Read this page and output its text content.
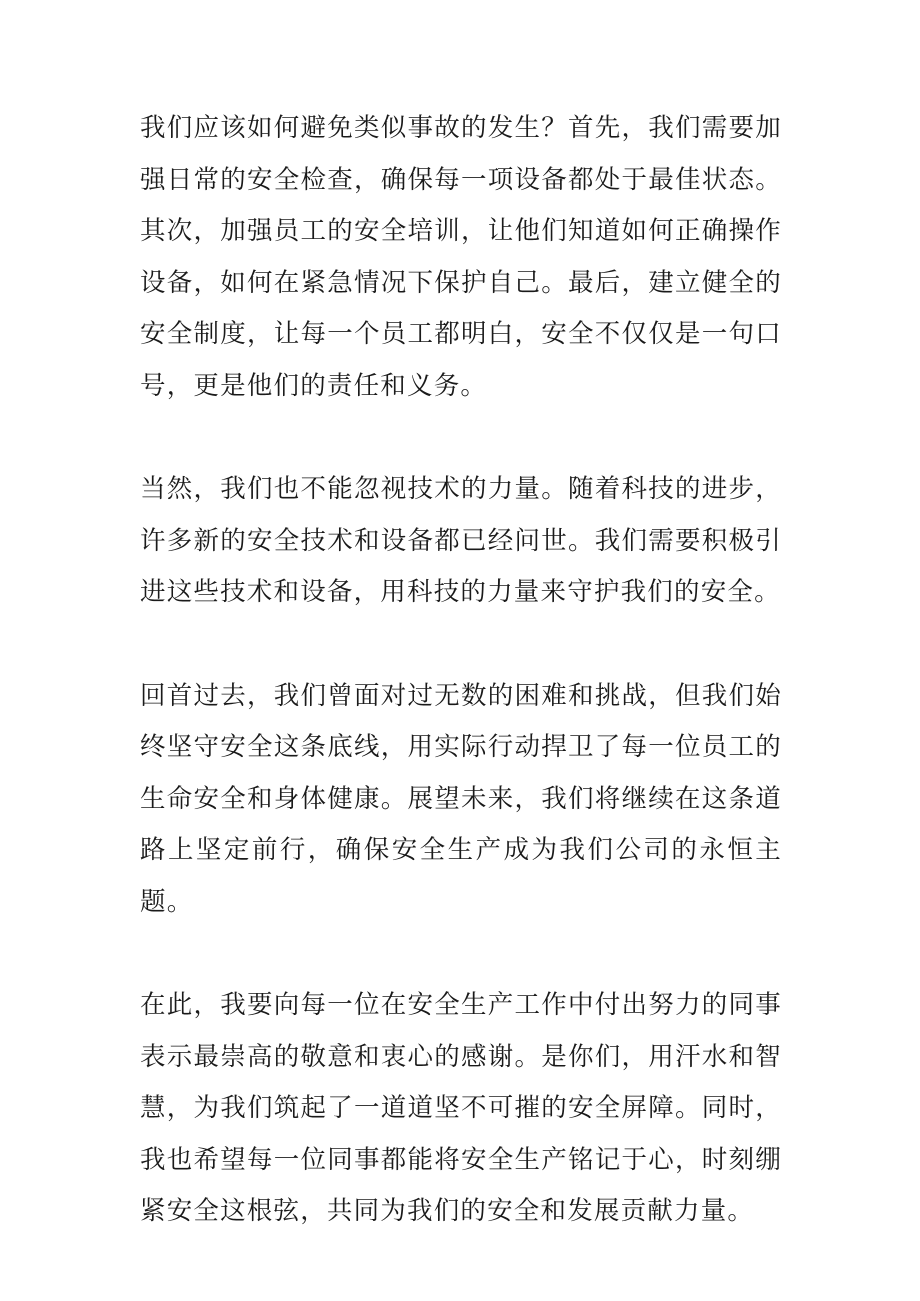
我们应该如何避免类似事故的发生？首先，我们需要加强日常的安全检查，确保每一项设备都处于最佳状态。其次，加强员工的安全培训，让他们知道如何正确操作设备，如何在紧急情况下保护自己。最后，建立健全的安全制度，让每一个员工都明白，安全不仅仅是一句口号，更是他们的责任和义务。

当然，我们也不能忽视技术的力量。随着科技的进步，许多新的安全技术和设备都已经问世。我们需要积极引进这些技术和设备，用科技的力量来守护我们的安全。

回首过去，我们曾面对过无数的困难和挑战，但我们始终坚守安全这条底线，用实际行动捍卫了每一位员工的生命安全和身体健康。展望未来，我们将继续在这条道路上坚定前行，确保安全生产成为我们公司的永恒主题。

在此，我要向每一位在安全生产工作中付出努力的同事表示最崇高的敬意和衷心的感谢。是你们，用汗水和智慧，为我们筑起了一道道坚不可摧的安全屏障。同时，我也希望每一位同事都能将安全生产铭记于心，时刻绷紧安全这根弦，共同为我们的安全和发展贡献力量。
